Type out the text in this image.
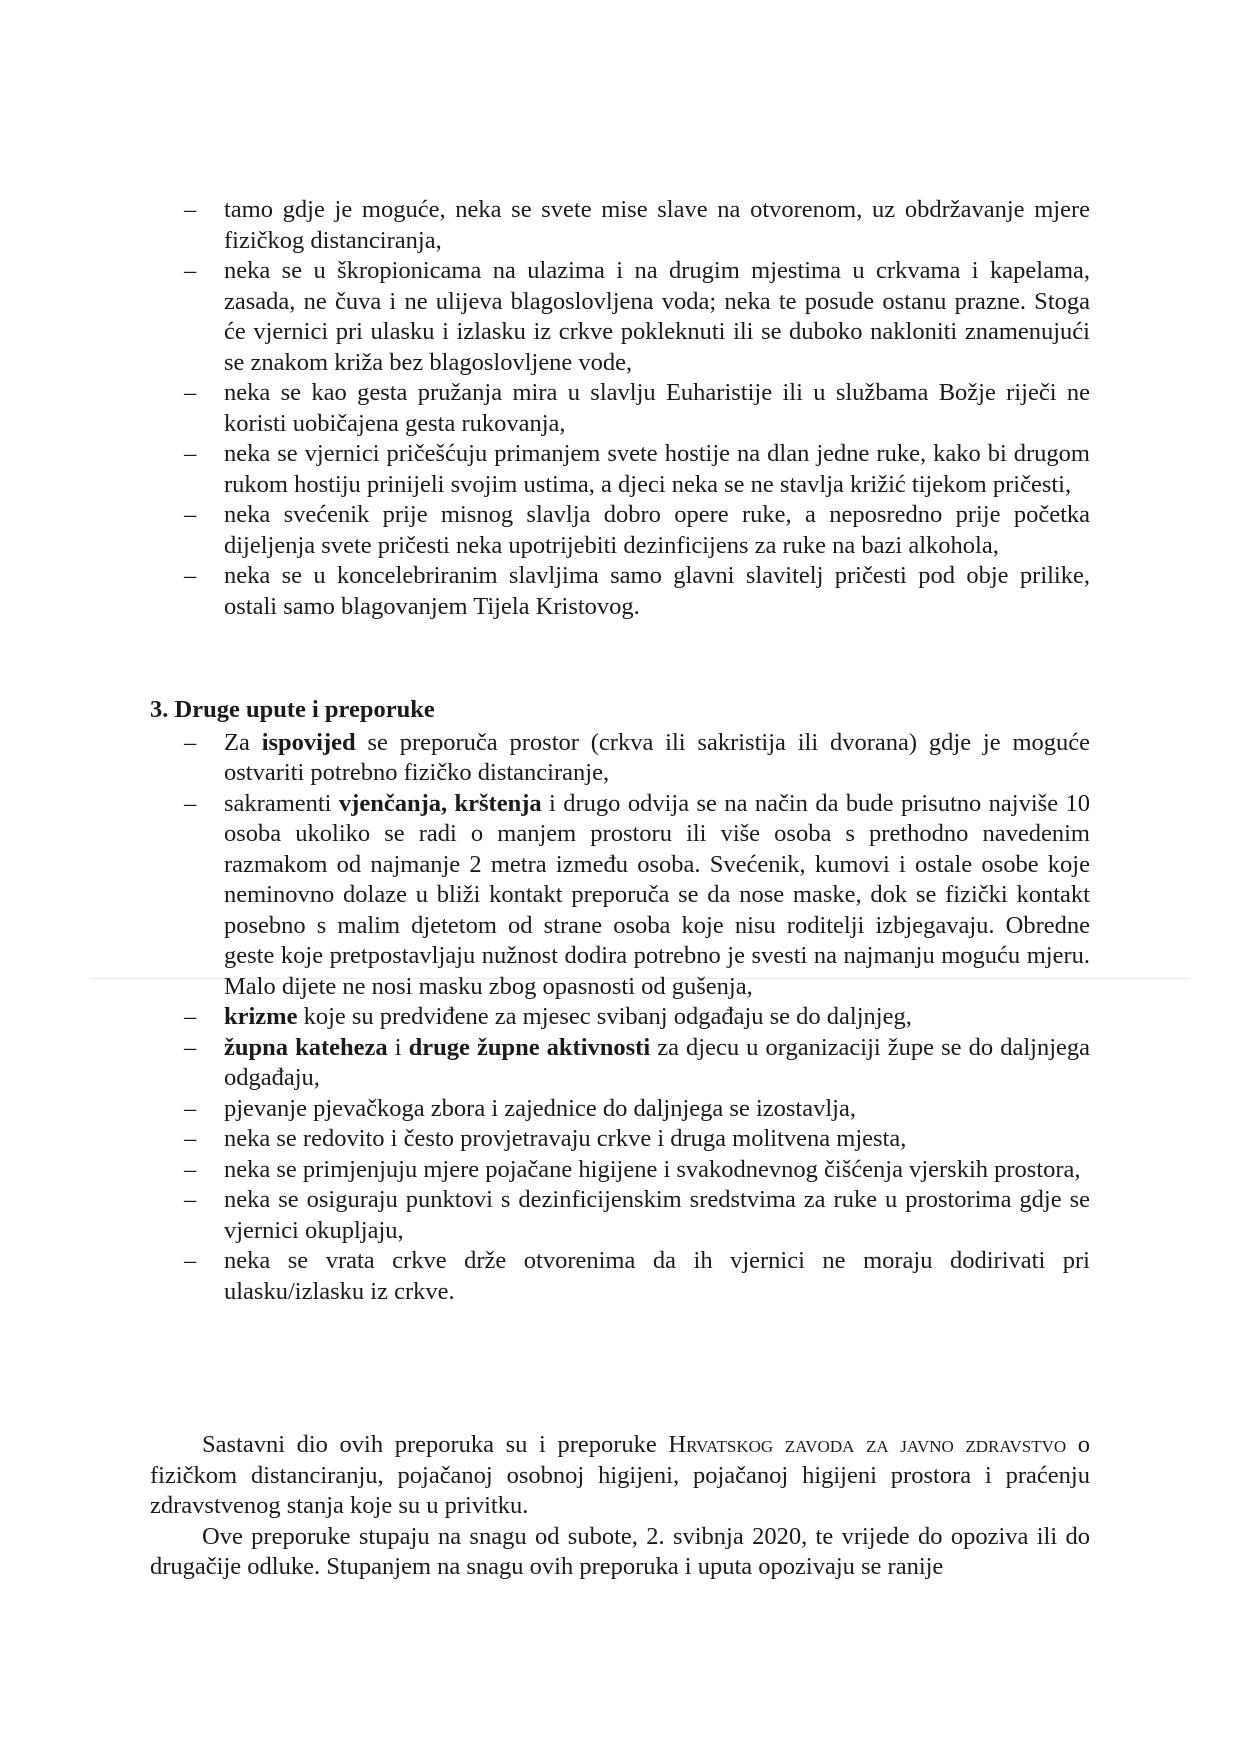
– tamo gdje je moguće, neka se svete mise slave na otvorenom, uz obdržavanje mjere fizičkog distanciranja,
– neka se u škropionicama na ulazima i na drugim mjestima u crkvama i kapelama, zasada, ne čuva i ne ulijeva blagoslovljena voda; neka te posude ostanu prazne. Stoga će vjernici pri ulasku i izlasku iz crkve pokleknuti ili se duboko nakloniti znamenujući se znakom križa bez blagoslovljene vode,
– neka se kao gesta pružanja mira u slavlju Euharistije ili u službama Božje riječi ne koristi uobičajena gesta rukovanja,
– neka se vjernici pričešćuju primanjem svete hostije na dlan jedne ruke, kako bi drugom rukom hostiju prinijeli svojim ustima, a djeci neka se ne stavlja križić tijekom pričesti,
– neka svećenik prije misnog slavlja dobro opere ruke, a neposredno prije početka dijeljenja svete pričesti neka upotrijebiti dezinficijens za ruke na bazi alkohola,
– neka se u koncelebriranim slavljima samo glavni slavitelj pričesti pod obje prilike, ostali samo blagovanjem Tijela Kristovog.
3. Druge upute i preporuke
– Za ispovijed se preporuča prostor (crkva ili sakristija ili dvorana) gdje je moguće ostvariti potrebno fizičko distanciranje,
– sakramenti vjenčanja, krštenja i drugo odvija se na način da bude prisutno najviše 10 osoba ukoliko se radi o manjem prostoru ili više osoba s prethodno navedenim razmakom od najmanje 2 metra između osoba. Svećenik, kumovi i ostale osobe koje neminovno dolaze u bliži kontakt preporuča se da nose maske, dok se fizički kontakt posebno s malim djetetom od strane osoba koje nisu roditelji izbjegavaju. Obredne geste koje pretpostavljaju nužnost dodira potrebno je svesti na najmanju moguću mjeru. Malo dijete ne nosi masku zbog opasnosti od gušenja,
– krizme koje su predviđene za mjesec svibanj odgađaju se do daljnjeg,
– župna kateheza i druge župne aktivnosti za djecu u organizaciji župe se do daljnjega odgađaju,
– pjevanje pjevačkoga zbora i zajednice do daljnjega se izostavlja,
– neka se redovito i često provjetravaju crkve i druga molitvena mjesta,
– neka se primjenjuju mjere pojačane higijene i svakodnevnog čišćenja vjerskih prostora,
– neka se osiguraju punktovi s dezinficijenskim sredstvima za ruke u prostorima gdje se vjernici okupljaju,
– neka se vrata crkve drže otvorenima da ih vjernici ne moraju dodirivati pri ulasku/izlasku iz crkve.

Sastavni dio ovih preporuka su i preporuke Hrvatskog zavoda za javno zdravstvo o fizičkom distanciranju, pojačanoj osobnoj higijeni, pojačanoj higijeni prostora i praćenju zdravstvenog stanja koje su u privitku.

Ove preporuke stupaju na snagu od subote, 2. svibnja 2020, te vrijede do opoziva ili do drugačije odluke. Stupanjem na snagu ovih preporuka i uputa opozivaju se ranije
